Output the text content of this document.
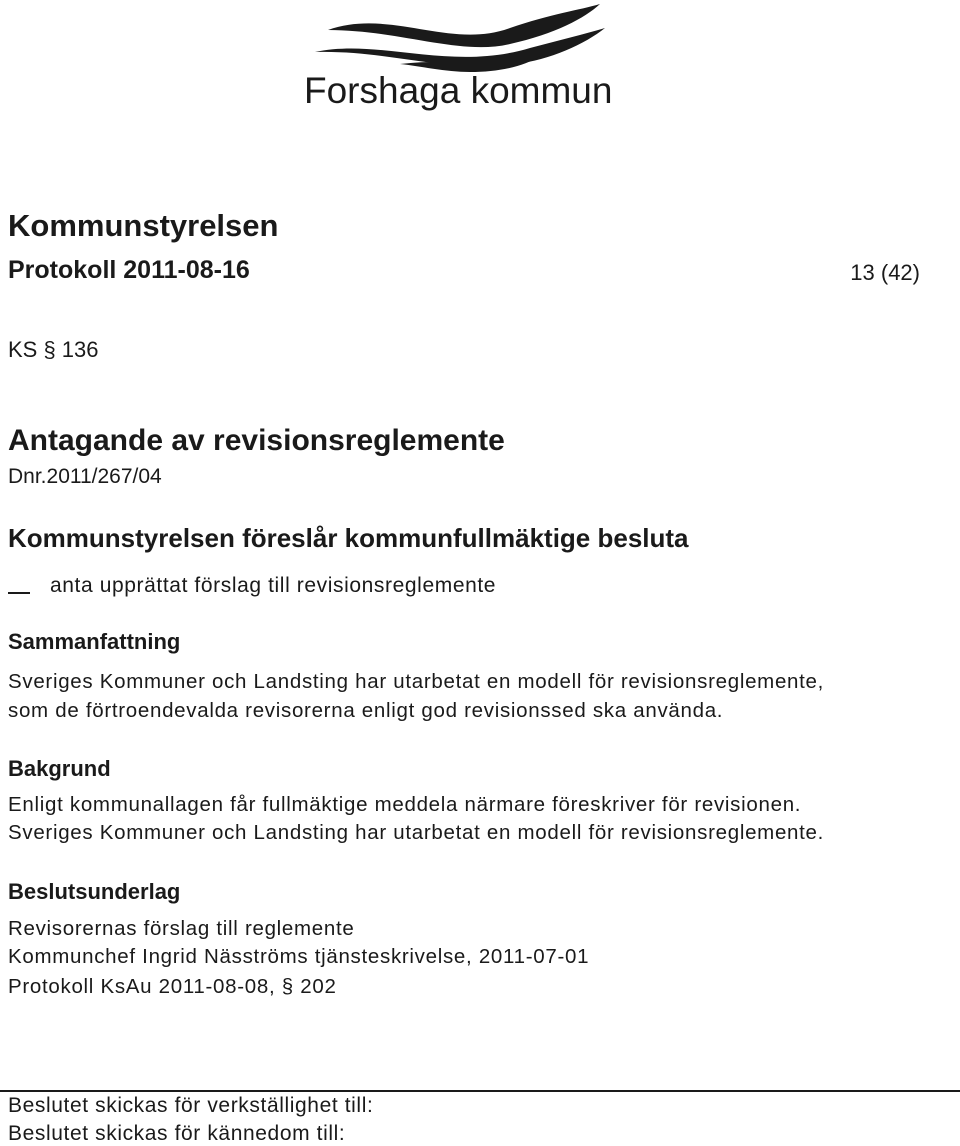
Forshaga kommun
Kommunstyrelsen
Protokoll 2011-08-16	13 (42)
KS § 136
Antagande av revisionsreglemente
Dnr.2011/267/04
Kommunstyrelsen föreslår kommunfullmäktige besluta
anta upprättat förslag till revisionsreglemente
Sammanfattning
Sveriges Kommuner och Landsting har utarbetat en modell för revisionsreglemente,
som de förtroendevalda revisorerna enligt god revisionssed ska använda.
Bakgrund
Enligt kommunallagen får fullmäktige meddela närmare föreskriver för revisionen.
Sveriges Kommuner och Landsting har utarbetat en modell för revisionsreglemente.
Beslutsunderlag
Revisorernas förslag till reglemente
Kommunchef Ingrid Näsströms tjänsteskrivelse, 2011-07-01
Protokoll KsAu 2011-08-08, § 202
Beslutet skickas för verkställighet till:
Beslutet skickas för kännedom till:
